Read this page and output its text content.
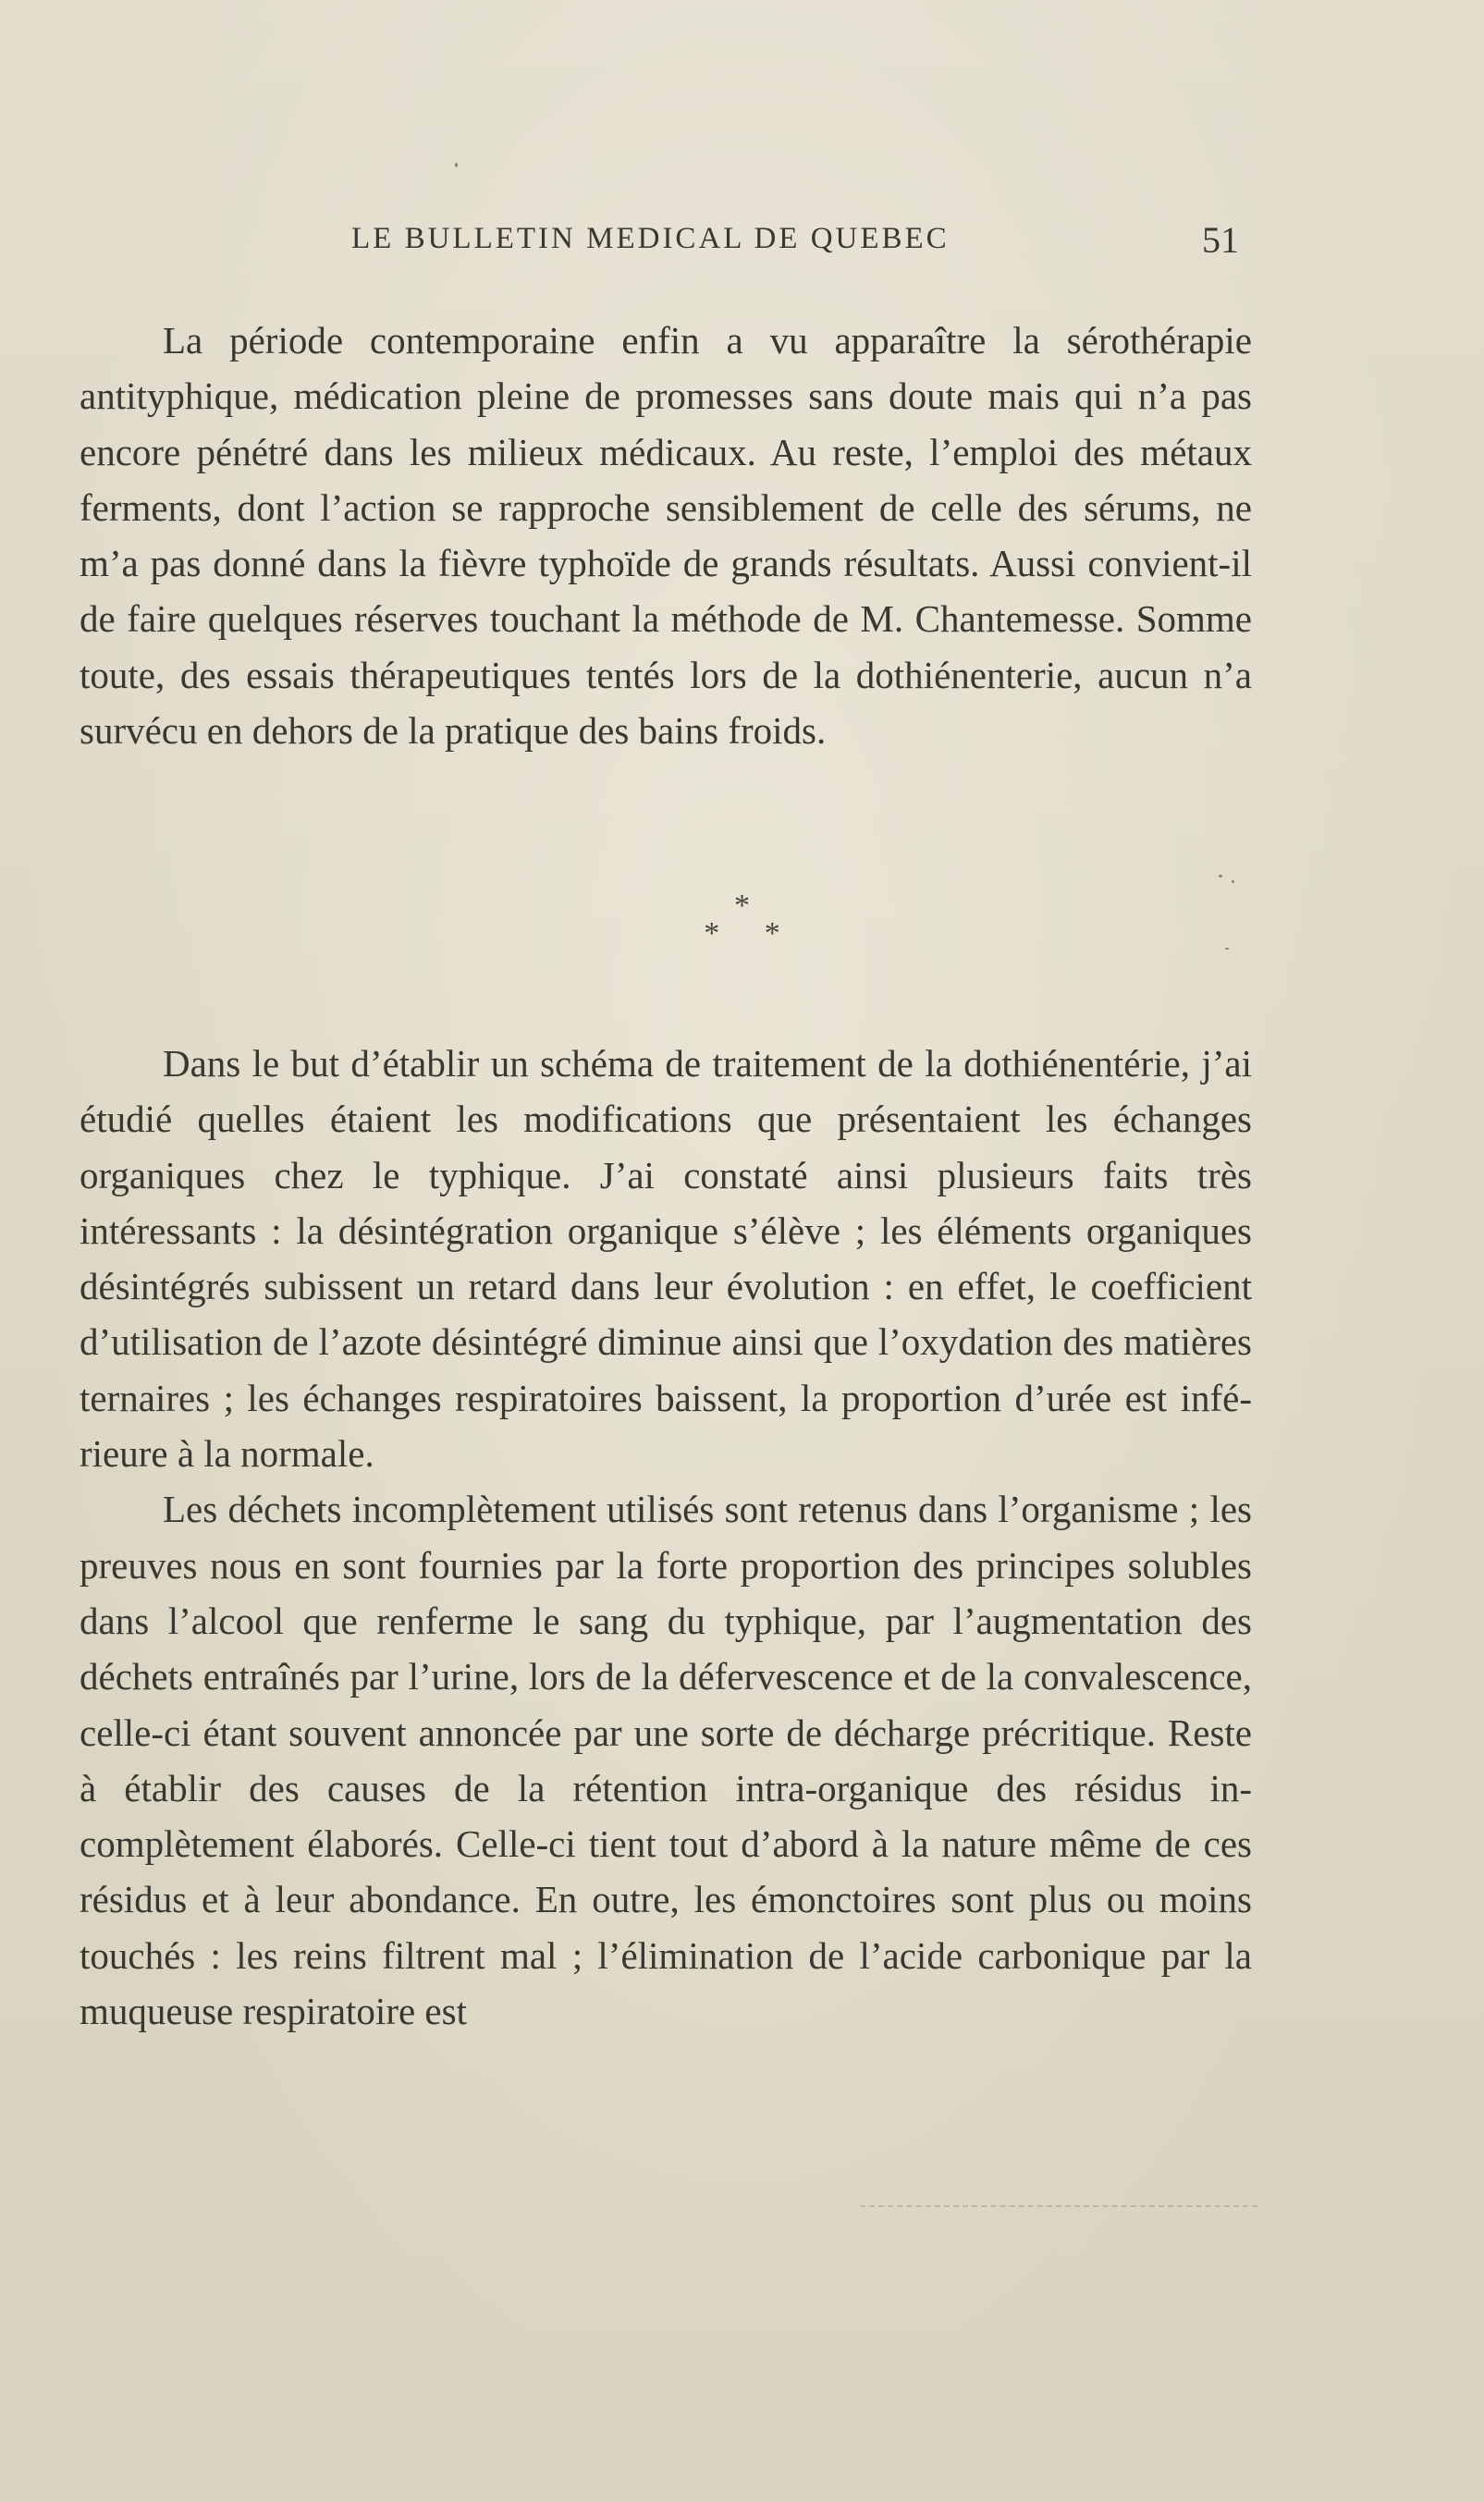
LE BULLETIN MEDICAL DE QUEBEC	51

La période contemporaine enfin a vu apparaître la sérothérapie antityphique, médication pleine de promesses sans doute mais qui n’a pas encore pénétré dans les milieux médicaux. Au reste, l’emploi des métaux ferments, dont l’action se rapproche sensiblement de celle des sérums, ne m’a pas donné dans la fièvre typhoïde de grands résultats. Aussi convient-il de faire quelques réserves touchant la méthode de M. Chantemesse. Somme toute, des essais thérapeutiques tentés lors de la dothiénenterie, aucun n’a survécu en dehors de la pratique des bains froids.

*
* *

Dans le but d’établir un schéma de traitement de la dothiénentérie, j’ai étudié quelles étaient les modifications que présentaient les échanges organiques chez le typhique. J’ai constaté ainsi plusieurs faits très intéressants : la désintégration organique s’élève ; les éléments organiques désintégrés subissent un retard dans leur évolution : en effet, le coefficient d’utilisation de l’azote désintégré diminue ainsi que l’oxydation des matières ternaires ; les échanges respiratoires baissent, la proportion d’urée est inférieure à la normale.

Les déchets incomplètement utilisés sont retenus dans l’organisme ; les preuves nous en sont fournies par la forte proportion des principes solubles dans l’alcool que renferme le sang du typhique, par l’augmentation des déchets entraînés par l’urine, lors de la défervescence et de la convalescence, celle-ci étant souvent annoncée par une sorte de décharge précritique. Reste à établir des causes de la rétention intra-organique des résidus incomplètement élaborés. Celle-ci tient tout d’abord à la nature même de ces résidus et à leur abondance. En outre, les émonctoires sont plus ou moins touchés : les reins filtrent mal ; l’élimination de l’acide carbonique par la muqueuse respiratoire est
